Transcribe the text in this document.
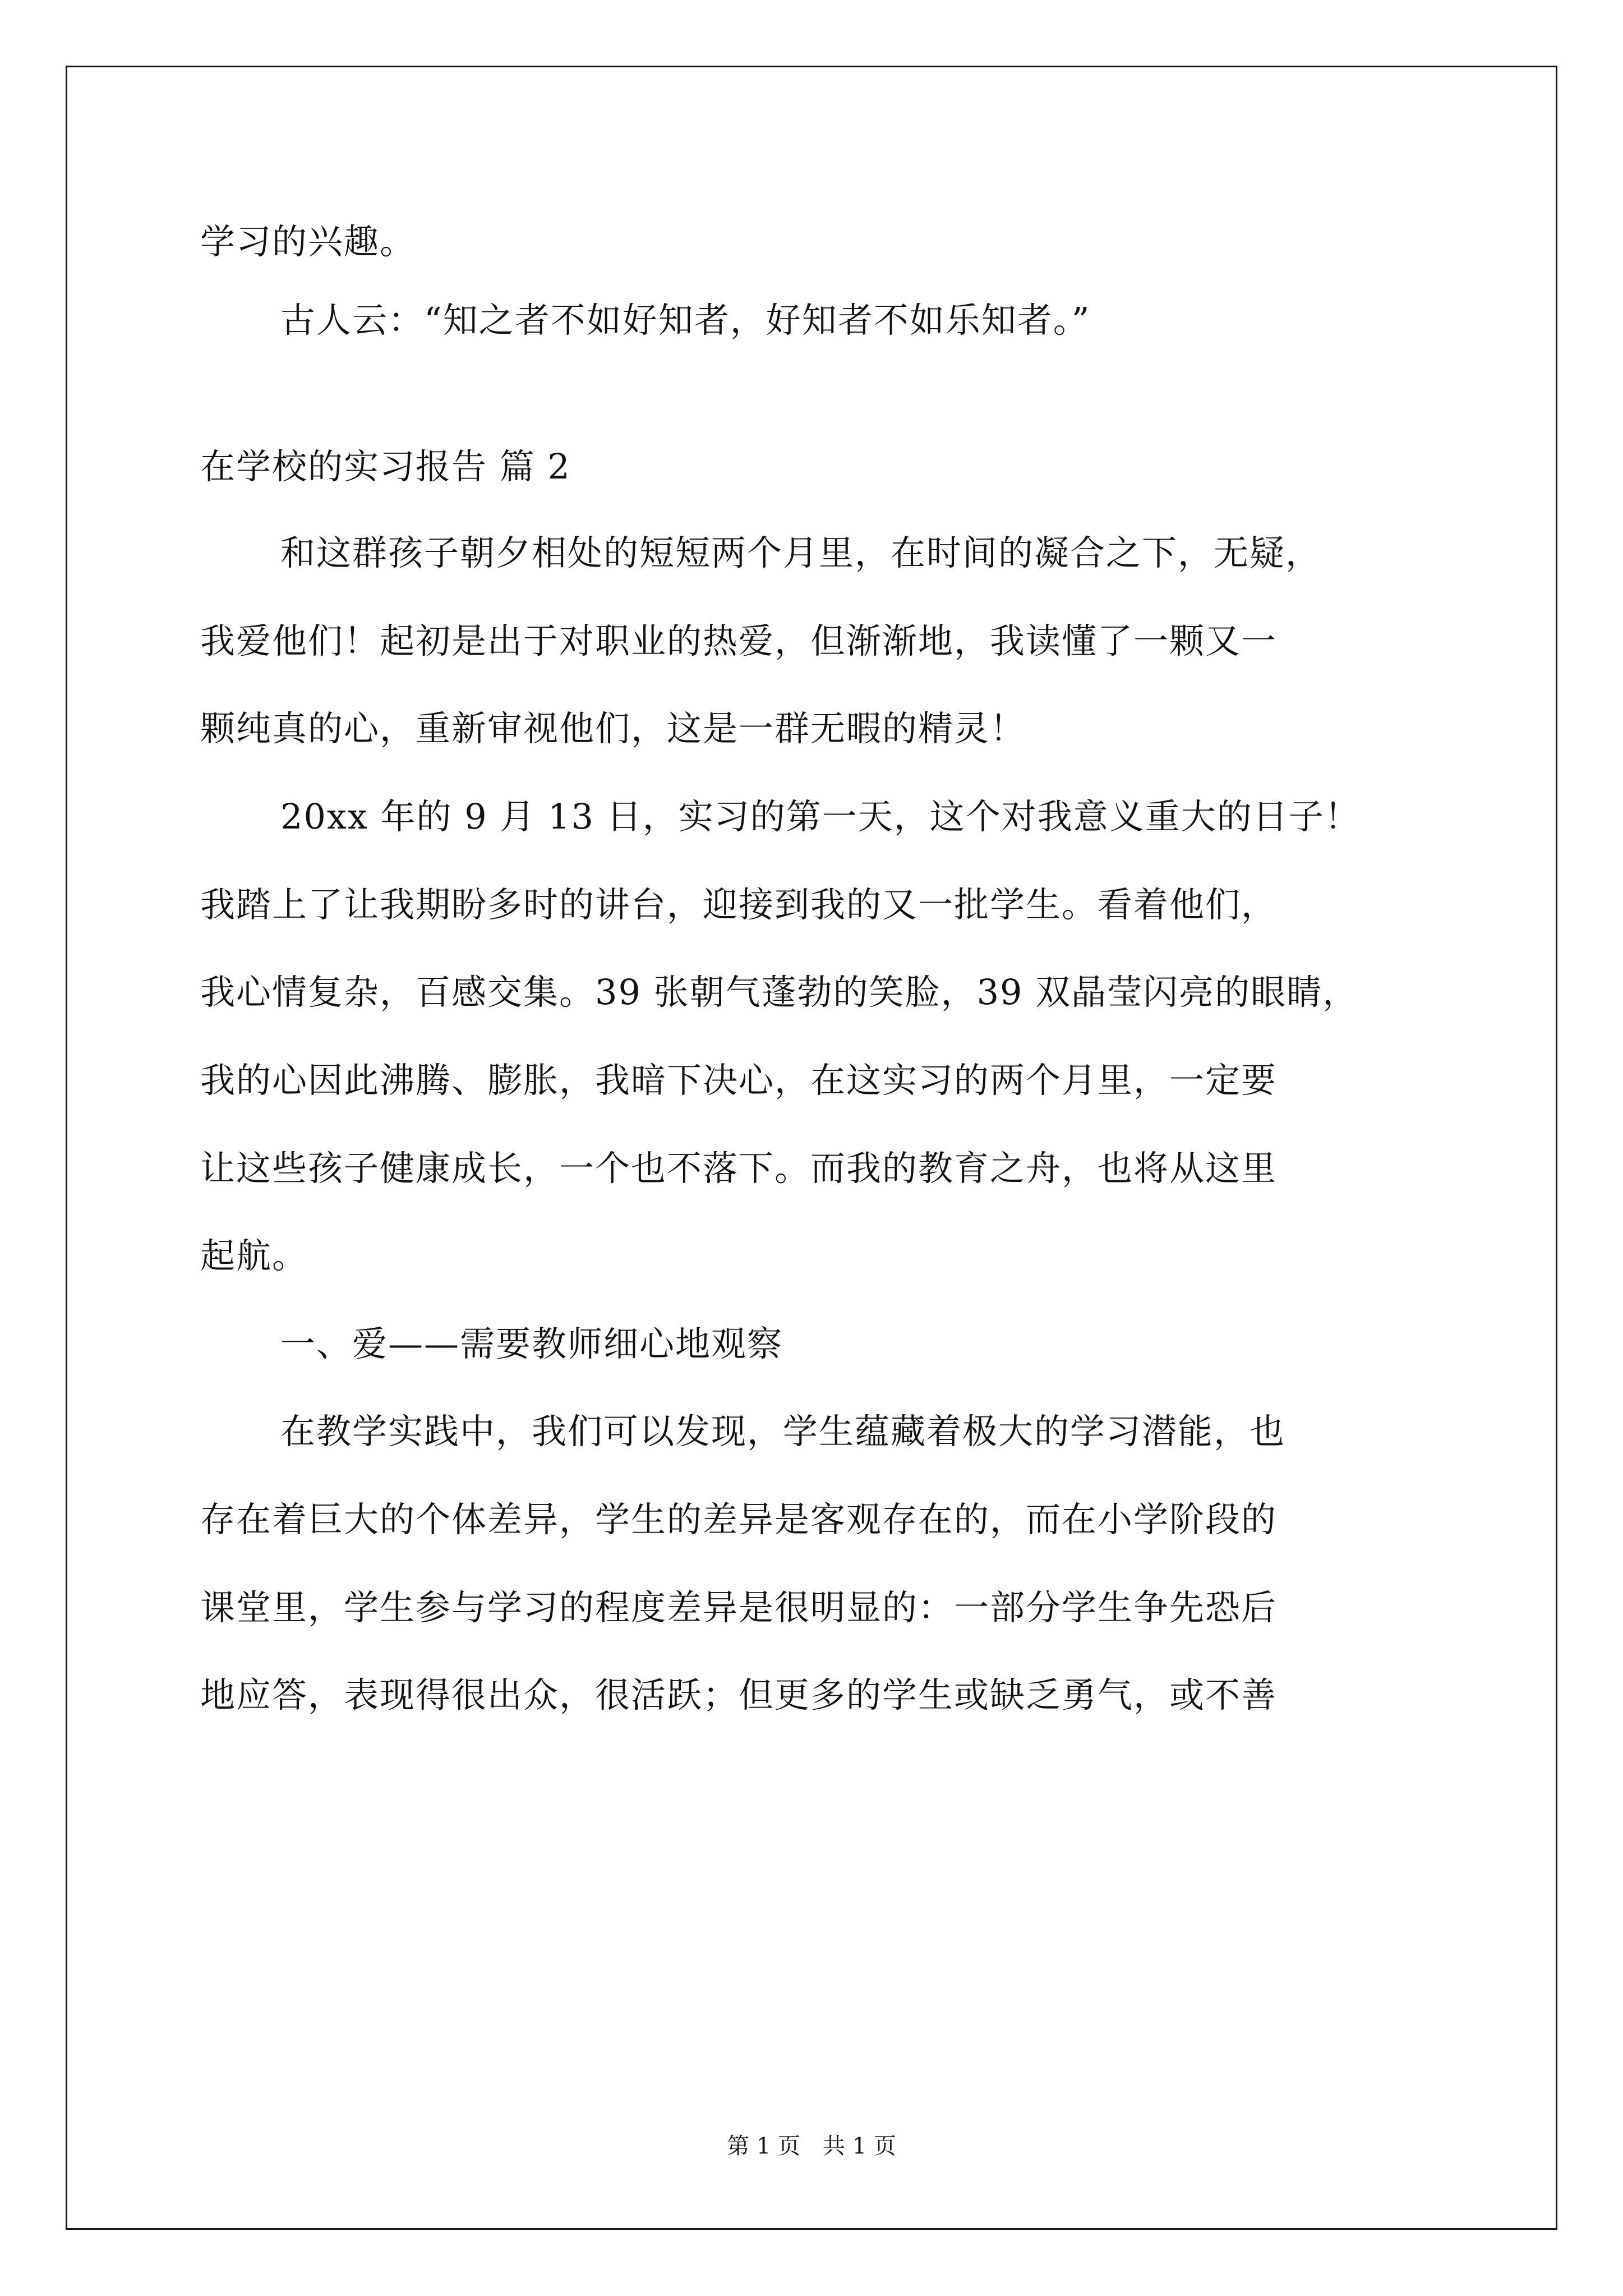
学习的兴趣。

古人云：“知之者不如好知者，好知者不如乐知者。”

在学校的实习报告 篇 2

和这群孩子朝夕相处的短短两个月里，在时间的凝合之下，无疑，

我爱他们！起初是出于对职业的热爱，但渐渐地，我读懂了一颗又一

颗纯真的心，重新审视他们，这是一群无暇的精灵！

20xx 年的 9 月 13 日，实习的第一天，这个对我意义重大的日子！

我踏上了让我期盼多时的讲台，迎接到我的又一批学生。看着他们，

我心情复杂，百感交集。39 张朝气蓬勃的笑脸，39 双晶莹闪亮的眼睛，

我的心因此沸腾、膨胀，我暗下决心，在这实习的两个月里，一定要

让这些孩子健康成长，一个也不落下。而我的教育之舟，也将从这里

起航。

一、爱——需要教师细心地观察

在教学实践中，我们可以发现，学生蕴藏着极大的学习潜能，也

存在着巨大的个体差异，学生的差异是客观存在的，而在小学阶段的

课堂里，学生参与学习的程度差异是很明显的：一部分学生争先恐后

地应答，表现得很出众，很活跃；但更多的学生或缺乏勇气，或不善

第 1 页　共 1 页
